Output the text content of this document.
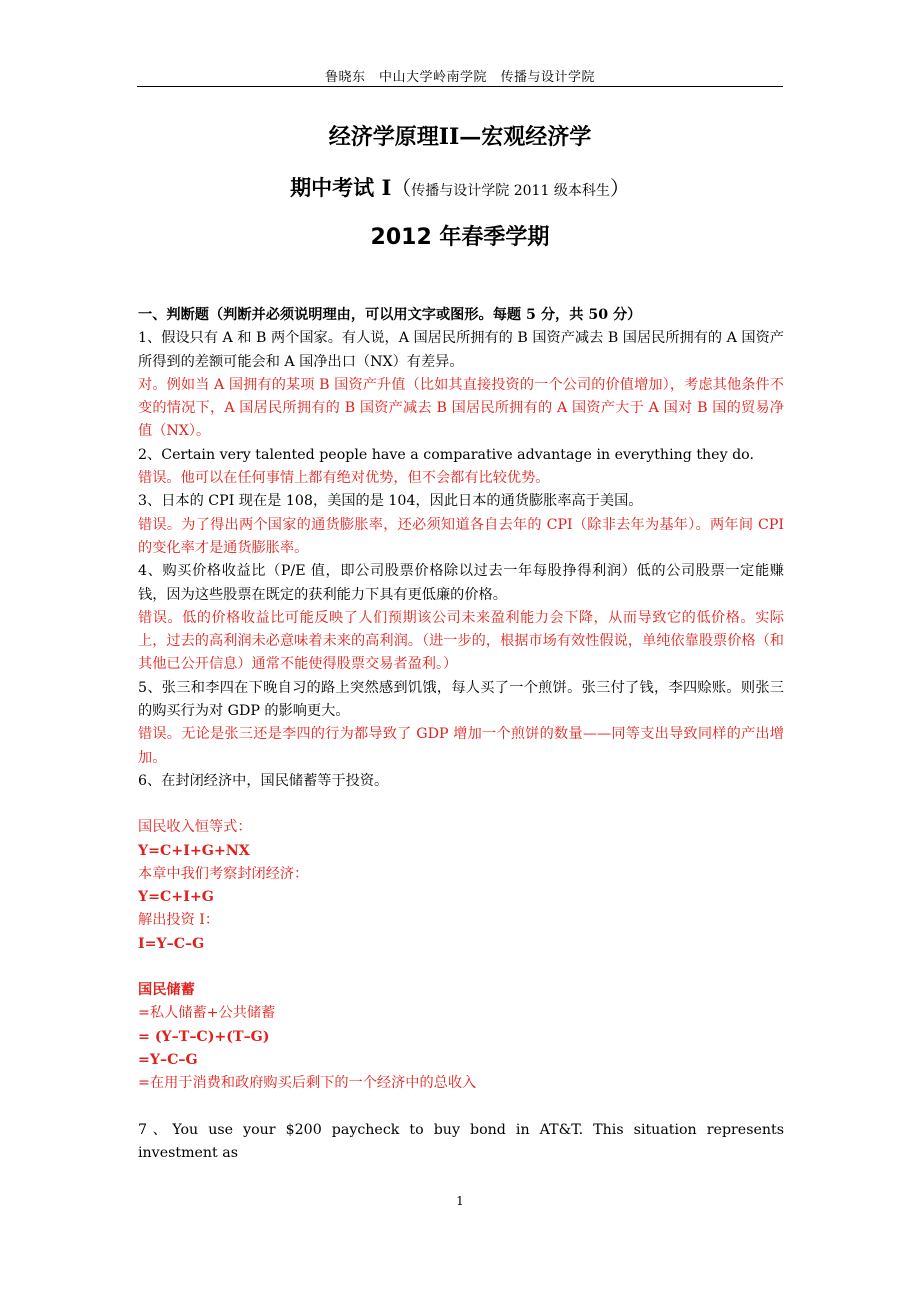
鲁晓东　中山大学岭南学院　传播与设计学院
经济学原理II—宏观经济学
期中考试 I（传播与设计学院 2011 级本科生）
2012 年春季学期

一、判断题（判断并必须说明理由，可以用文字或图形。每题 5 分，共 50 分）

1、假设只有 A 和 B 两个国家。有人说，A 国居民所拥有的 B 国资产减去 B 国居民所拥有的 A 国资产所得到的差额可能会和 A 国净出口（NX）有差异。

对。例如当 A 国拥有的某项 B 国资产升值（比如其直接投资的一个公司的价值增加），考虑其他条件不变的情况下，A 国居民所拥有的 B 国资产减去 B 国居民所拥有的 A 国资产大于 A 国对 B 国的贸易净值（NX）。

2、Certain very talented people have a comparative advantage in everything they do.

错误。他可以在任何事情上都有绝对优势，但不会都有比较优势。

3、日本的 CPI 现在是 108，美国的是 104，因此日本的通货膨胀率高于美国。

错误。为了得出两个国家的通货膨胀率，还必须知道各自去年的 CPI（除非去年为基年）。两年间 CPI 的变化率才是通货膨胀率。

4、购买价格收益比（P/E 值，即公司股票价格除以过去一年每股挣得利润）低的公司股票一定能赚钱，因为这些股票在既定的获利能力下具有更低廉的价格。

错误。低的价格收益比可能反映了人们预期该公司未来盈利能力会下降，从而导致它的低价格。实际上，过去的高利润未必意味着未来的高利润。（进一步的，根据市场有效性假说，单纯依靠股票价格（和其他已公开信息）通常不能使得股票交易者盈利。）

5、张三和李四在下晚自习的路上突然感到饥饿，每人买了一个煎饼。张三付了钱，李四赊账。则张三的购买行为对 GDP 的影响更大。

错误。无论是张三还是李四的行为都导致了 GDP 增加一个煎饼的数量——同等支出导致同样的产出增加。

6、在封闭经济中，国民储蓄等于投资。

国民收入恒等式：

Y=C+I+G+NX

本章中我们考察封闭经济：

Y=C+I+G

解出投资 I：

I=Y–C–G

国民储蓄

=私人储蓄+公共储蓄

= (Y–T–C)+(T–G)

=Y–C–G

=在用于消费和政府购买后剩下的一个经济中的总收入

7、You use your $200 paycheck to buy bond in AT&T. This situation represents investment as

1
